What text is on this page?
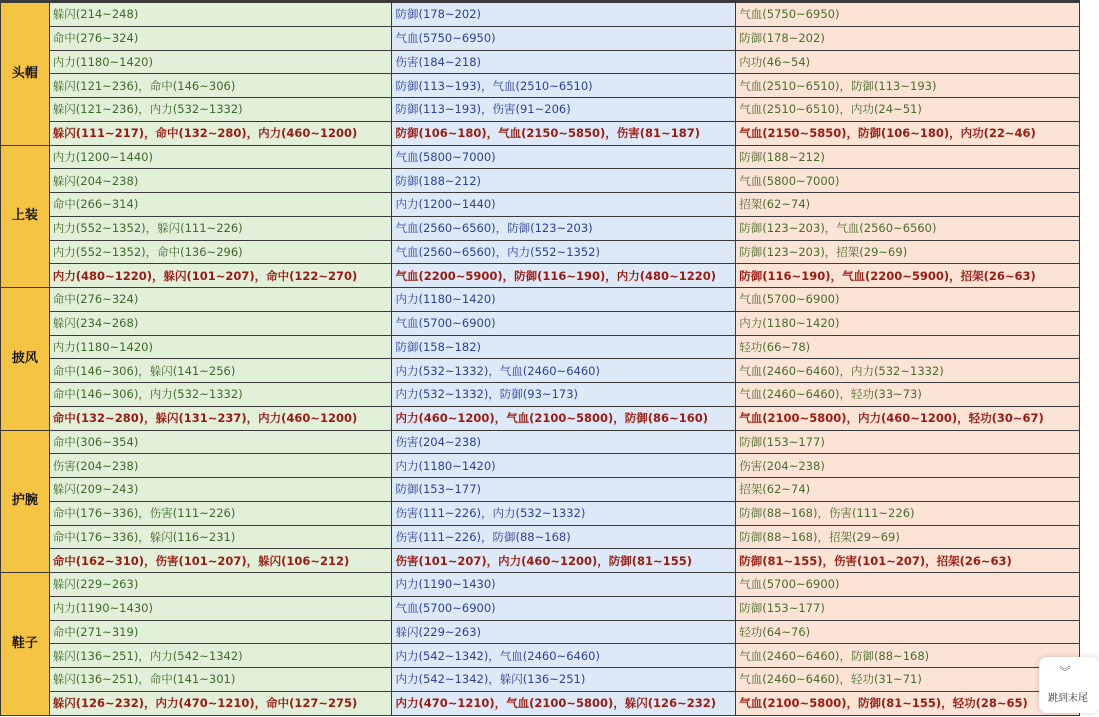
头帽	躲闪(214~248)	防御(178~202)	气血(5750~6950)
	命中(276~324)	气血(5750~6950)	防御(178~202)
	内力(1180~1420)	伤害(184~218)	内功(46~54)
	躲闪(121~236)，命中(146~306)	防御(113~193)，气血(2510~6510)	气血(2510~6510)，防御(113~193)
	躲闪(121~236)，内力(532~1332)	防御(113~193)，伤害(91~206)	气血(2510~6510)，内功(24~51)
	躲闪(111~217)，命中(132~280)，内力(460~1200)	防御(106~180)，气血(2150~5850)，伤害(81~187)	气血(2150~5850)，防御(106~180)，内功(22~46)
上装	内力(1200~1440)	气血(5800~7000)	防御(188~212)
	躲闪(204~238)	防御(188~212)	气血(5800~7000)
	命中(266~314)	内力(1200~1440)	招架(62~74)
	内力(552~1352)，躲闪(111~226)	气血(2560~6560)，防御(123~203)	防御(123~203)，气血(2560~6560)
	内力(552~1352)，命中(136~296)	气血(2560~6560)，内力(552~1352)	防御(123~203)，招架(29~69)
	内力(480~1220)，躲闪(101~207)，命中(122~270)	气血(2200~5900)，防御(116~190)，内力(480~1220)	防御(116~190)，气血(2200~5900)，招架(26~63)
披风	命中(276~324)	内力(1180~1420)	气血(5700~6900)
	躲闪(234~268)	气血(5700~6900)	内力(1180~1420)
	内力(1180~1420)	防御(158~182)	轻功(66~78)
	命中(146~306)，躲闪(141~256)	内力(532~1332)，气血(2460~6460)	气血(2460~6460)，内力(532~1332)
	命中(146~306)，内力(532~1332)	内力(532~1332)，防御(93~173)	气血(2460~6460)，轻功(33~73)
	命中(132~280)，躲闪(131~237)，内力(460~1200)	内力(460~1200)，气血(2100~5800)，防御(86~160)	气血(2100~5800)，内力(460~1200)，轻功(30~67)
护腕	命中(306~354)	伤害(204~238)	防御(153~177)
	伤害(204~238)	内力(1180~1420)	伤害(204~238)
	躲闪(209~243)	防御(153~177)	招架(62~74)
	命中(176~336)，伤害(111~226)	伤害(111~226)，内力(532~1332)	防御(88~168)，伤害(111~226)
	命中(176~336)，躲闪(116~231)	伤害(111~226)，防御(88~168)	防御(88~168)，招架(29~69)
	命中(162~310)，伤害(101~207)，躲闪(106~212)	伤害(101~207)，内力(460~1200)，防御(81~155)	防御(81~155)，伤害(101~207)，招架(26~63)
鞋子	躲闪(229~263)	内力(1190~1430)	气血(5700~6900)
	内力(1190~1430)	气血(5700~6900)	防御(153~177)
	命中(271~319)	躲闪(229~263)	轻功(64~76)
	躲闪(136~251)，内力(542~1342)	内力(542~1342)，气血(2460~6460)	气血(2460~6460)，防御(88~168)
	躲闪(136~251)，命中(141~301)	内力(542~1342)，躲闪(136~251)	气血(2460~6460)，轻功(31~71)
	躲闪(126~232)，内力(470~1210)，命中(127~275)	内力(470~1210)，气血(2100~5800)，躲闪(126~232)	气血(2100~5800)，防御(81~155)，轻功(28~65)
︾
跳到末尾
